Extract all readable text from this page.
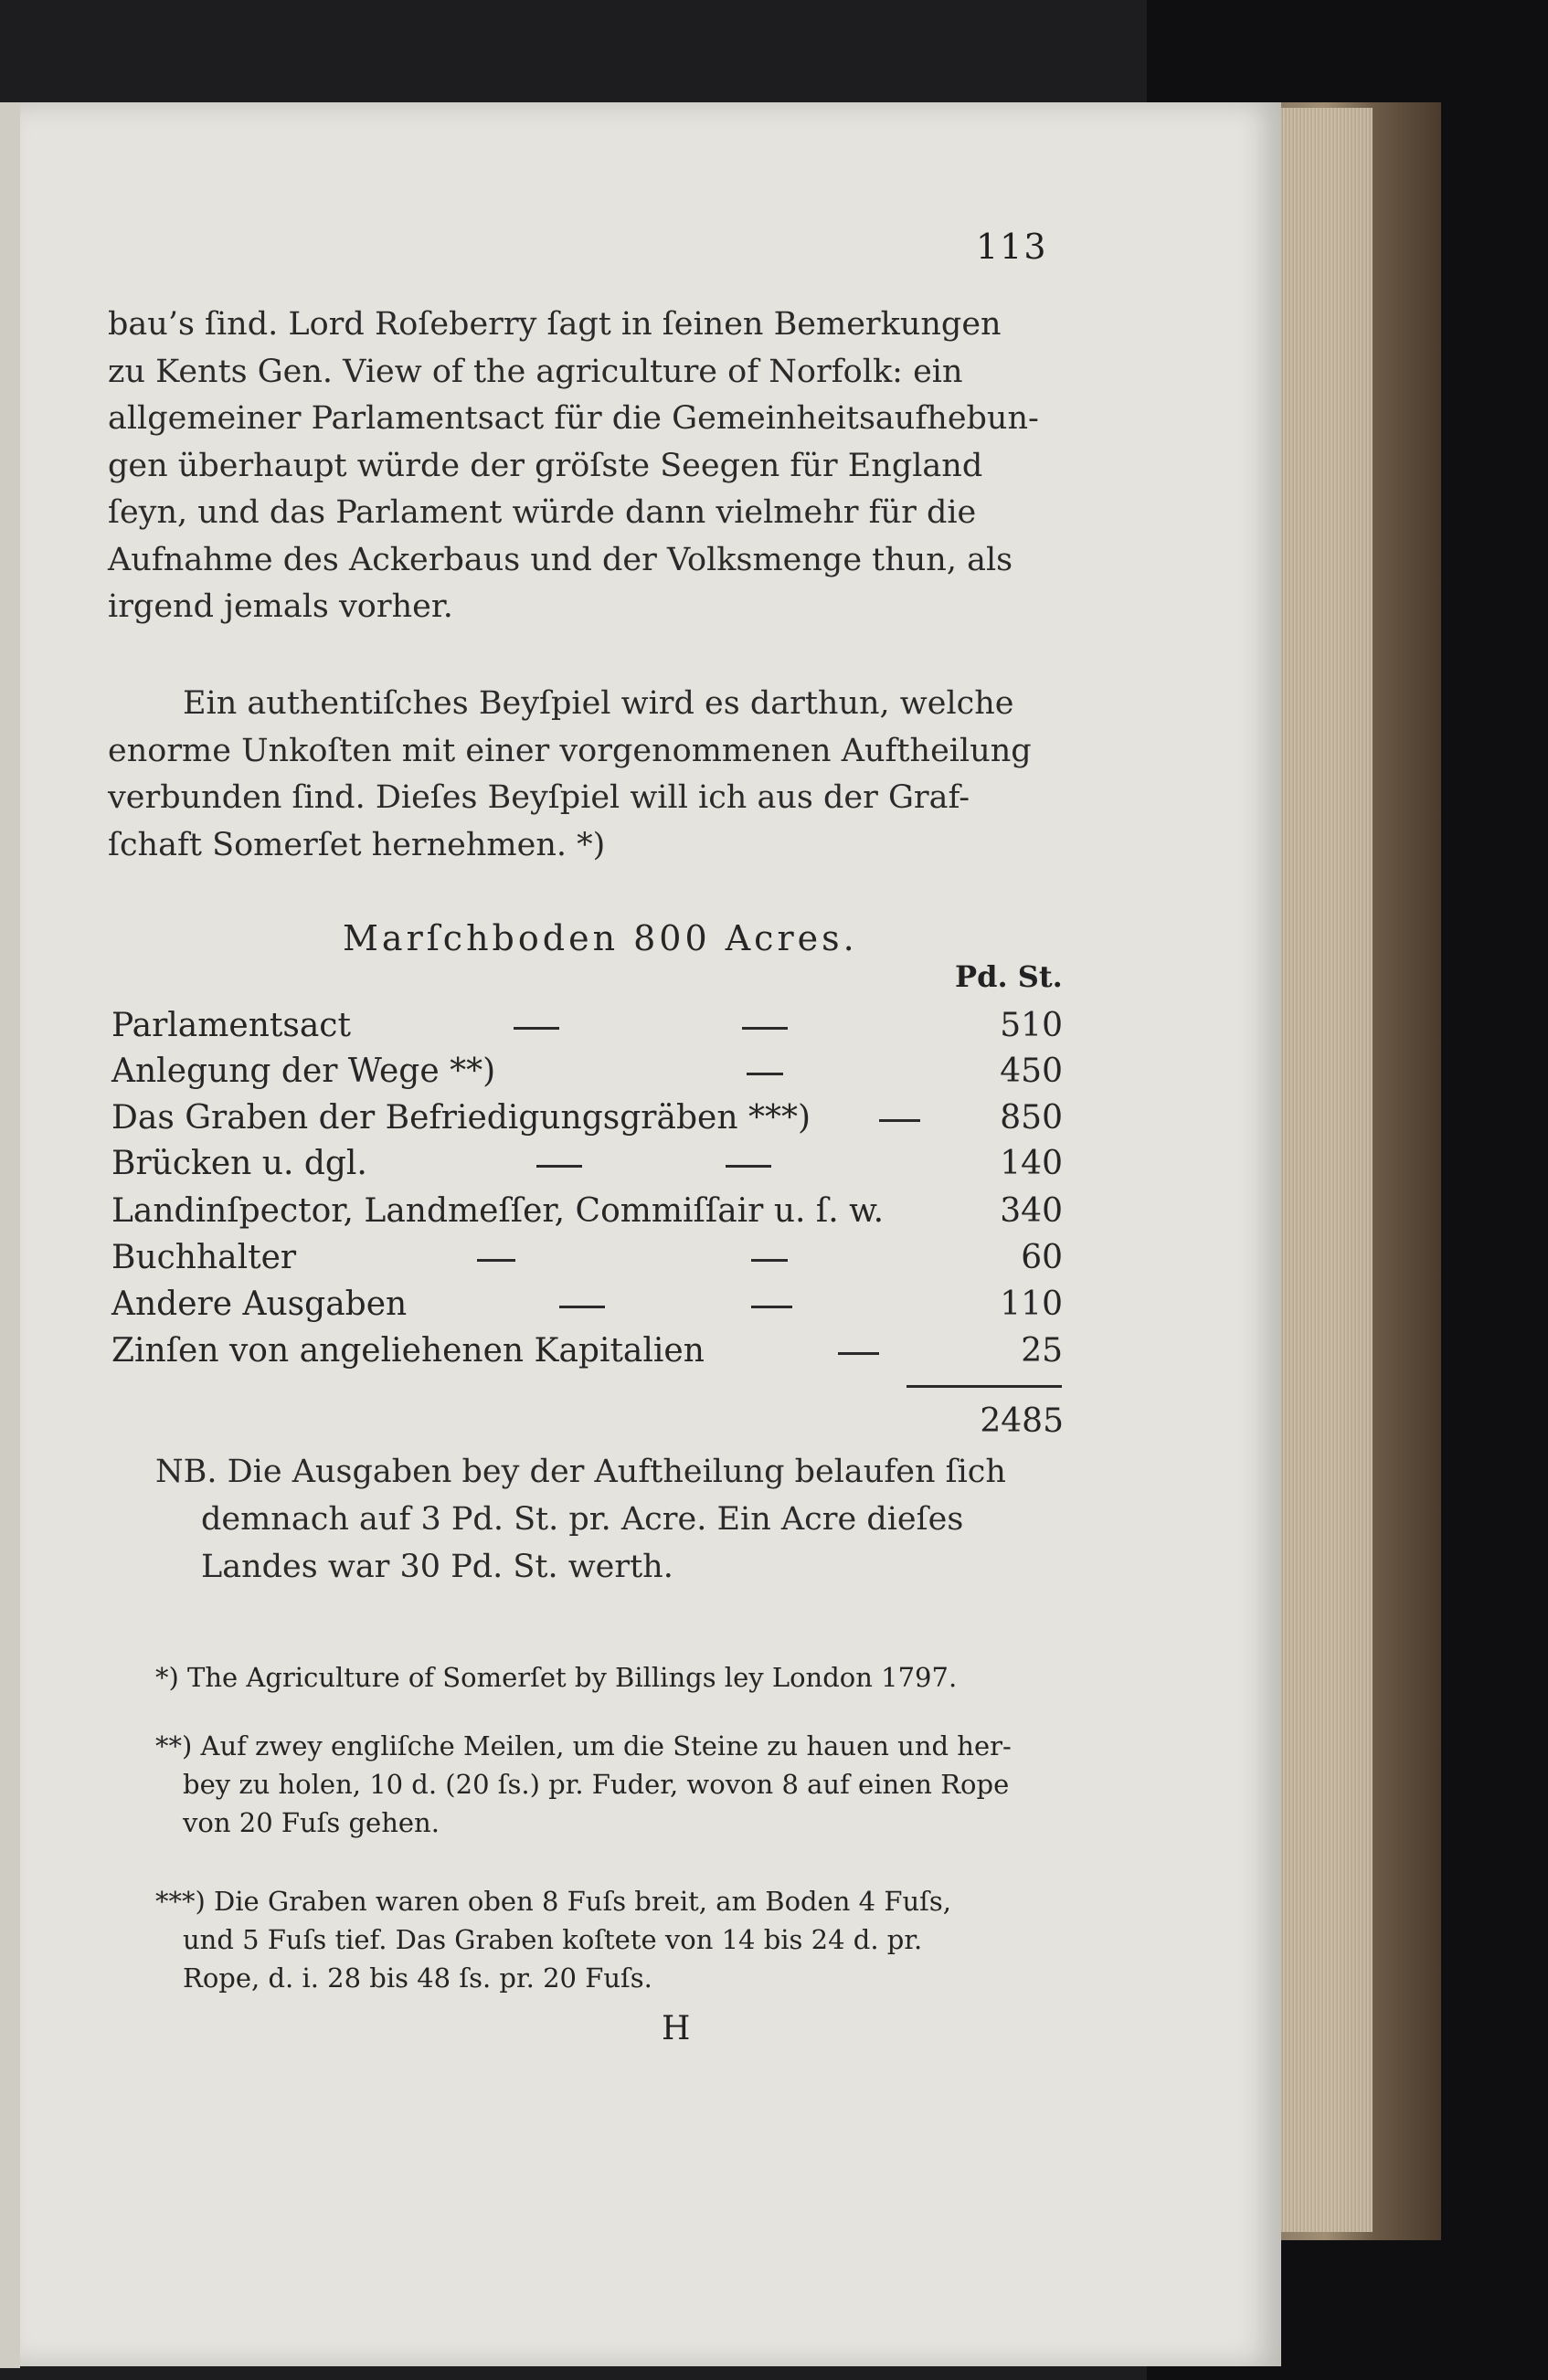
113
bau’s ſind. Lord Roſeberry ſagt in ſeinen Bemerkungen
zu Kents Gen. View of the agriculture of Norfolk: ein
allgemeiner Parlamentsact für die Gemeinheitsaufhebun-
gen überhaupt würde der gröſste Seegen für England
ſeyn, und das Parlament würde dann vielmehr für die
Aufnahme des Ackerbaus und der Volksmenge thun, als
irgend jemals vorher.
Ein authentiſches Beyſpiel wird es darthun, welche
enorme Unkoſten mit einer vorgenommenen Auftheilung
verbunden ſind. Dieſes Beyſpiel will ich aus der Graf-
ſchaft Somerſet hernehmen. *)
Marſchboden 800 Acres.
Pd. St.
Parlamentsact	510
Anlegung der Wege **)	450
Das Graben der Befriedigungsgräben ***)	850
Brücken u. dgl.	140
Landinſpector, Landmeſſer, Commiſſair u. ſ. w.	340
Buchhalter	60
Andere Ausgaben	110
Zinſen von angeliehenen Kapitalien	25
2485
NB. Die Ausgaben bey der Auftheilung belaufen ſich
demnach auf 3 Pd. St. pr. Acre. Ein Acre dieſes
Landes war 30 Pd. St. werth.
*) The Agriculture of Somerſet by Billings ley London 1797.
**) Auf zwey engliſche Meilen, um die Steine zu hauen und her-
bey zu holen, 10 d. (20 ſs.) pr. Fuder, wovon 8 auf einen Rope
von 20 Fuſs gehen.
***) Die Graben waren oben 8 Fuſs breit, am Boden 4 Fuſs,
und 5 Fuſs tief. Das Graben koſtete von 14 bis 24 d. pr.
Rope, d. i. 28 bis 48 ſs. pr. 20 Fuſs.
H
